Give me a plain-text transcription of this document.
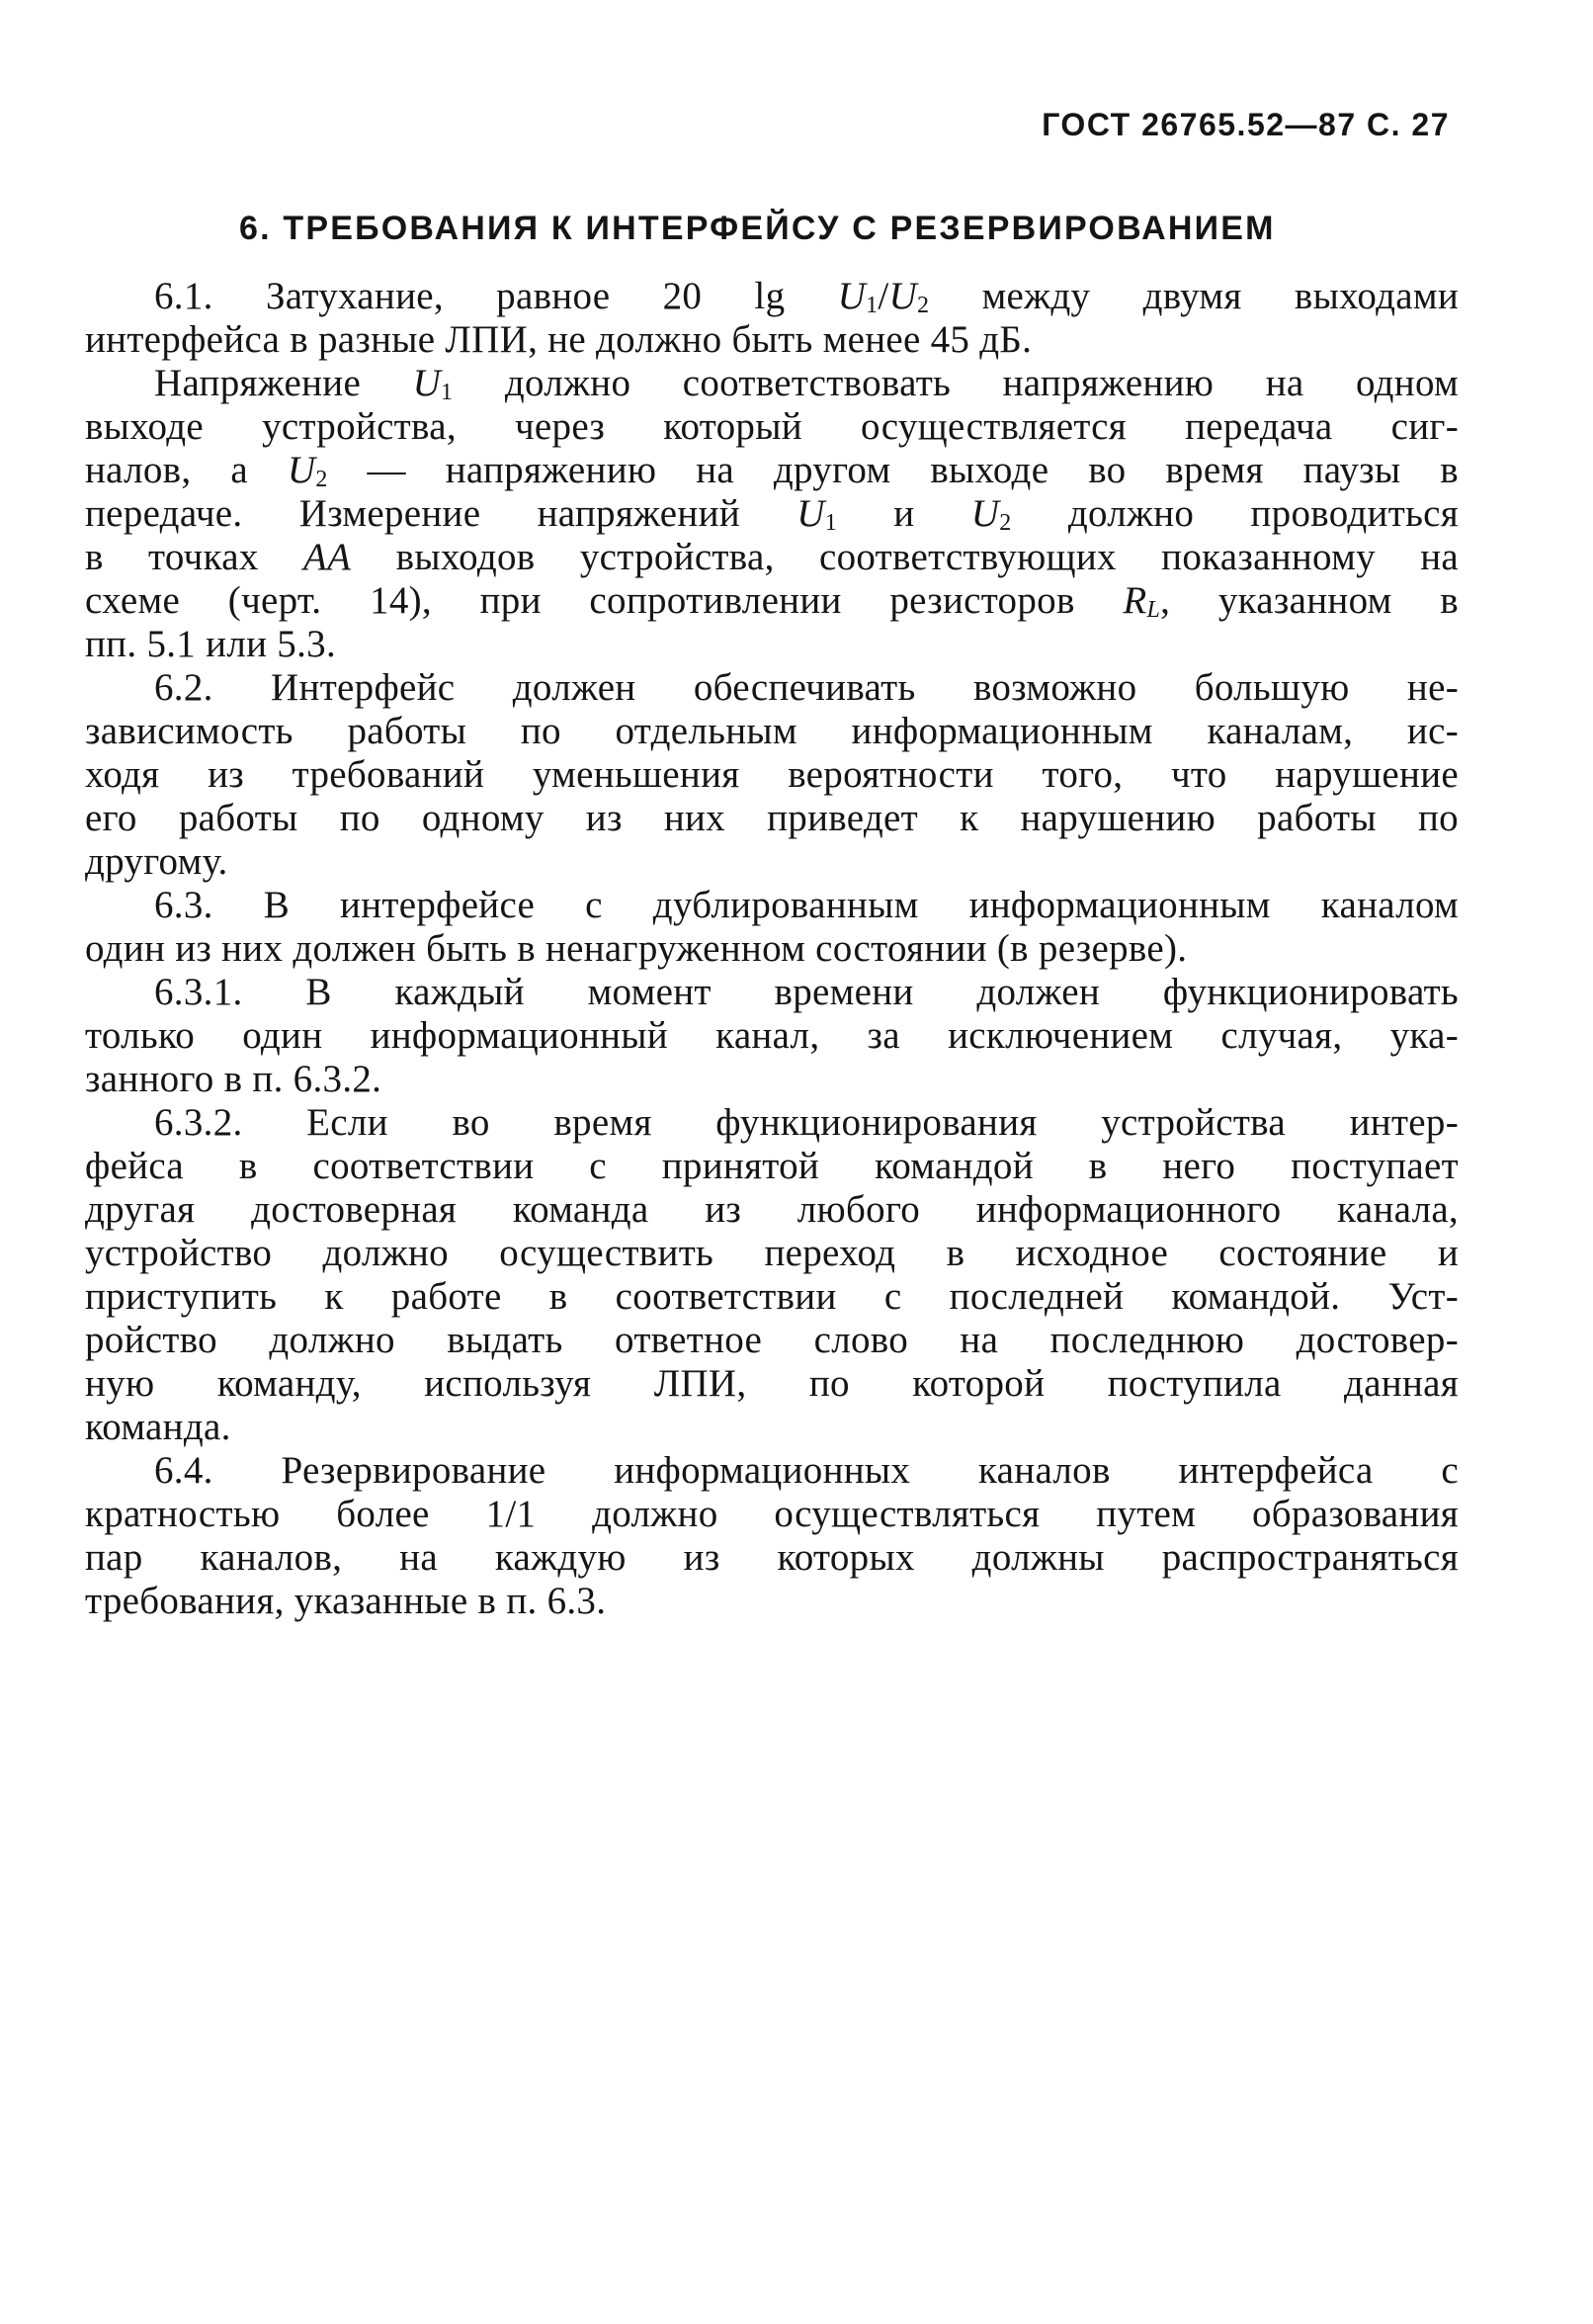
ГОСТ 26765.52—87 С. 27
6. ТРЕБОВАНИЯ К ИНТЕРФЕЙСУ С РЕЗЕРВИРОВАНИЕМ
6.1. Затухание, равное 20 $\lg U_1/U_2$ между двумя выходами
интерфейса в разные ЛПИ, не должно быть менее 45 дБ.
Напряжение $U_1$ должно соответствовать напряжению на одном
выходе устройства, через который осуществляется передача сиг-
налов, а $U_2$ — напряжению на другом выходе во время паузы в
передаче. Измерение напряжений $U_1$ и $U_2$ должно проводиться
в точках АА выходов устройства, соответствующих показанному на
схеме (черт. 14), при сопротивлении резисторов $R_L$, указанном в
пп. 5.1 или 5.3.
6.2. Интерфейс должен обеспечивать возможно большую не-
зависимость работы по отдельным информационным каналам, ис-
ходя из требований уменьшения вероятности того, что нарушение
его работы по одному из них приведет к нарушению работы по
другому.
6.3. В интерфейсе с дублированным информационным каналом
один из них должен быть в ненагруженном состоянии (в резерве).
6.3.1. В каждый момент времени должен функционировать
только один информационный канал, за исключением случая, ука-
занного в п. 6.3.2.
6.3.2. Если во время функционирования устройства интер-
фейса в соответствии с принятой командой в него поступает
другая достоверная команда из любого информационного канала,
устройство должно осуществить переход в исходное состояние и
приступить к работе в соответствии с последней командой. Уст-
ройство должно выдать ответное слово на последнюю достовер-
ную команду, используя ЛПИ, по которой поступила данная
команда.
6.4. Резервирование информационных каналов интерфейса с
кратностью более 1/1 должно осуществляться путем образования
пар каналов, на каждую из которых должны распространяться
требования, указанные в п. 6.3.
